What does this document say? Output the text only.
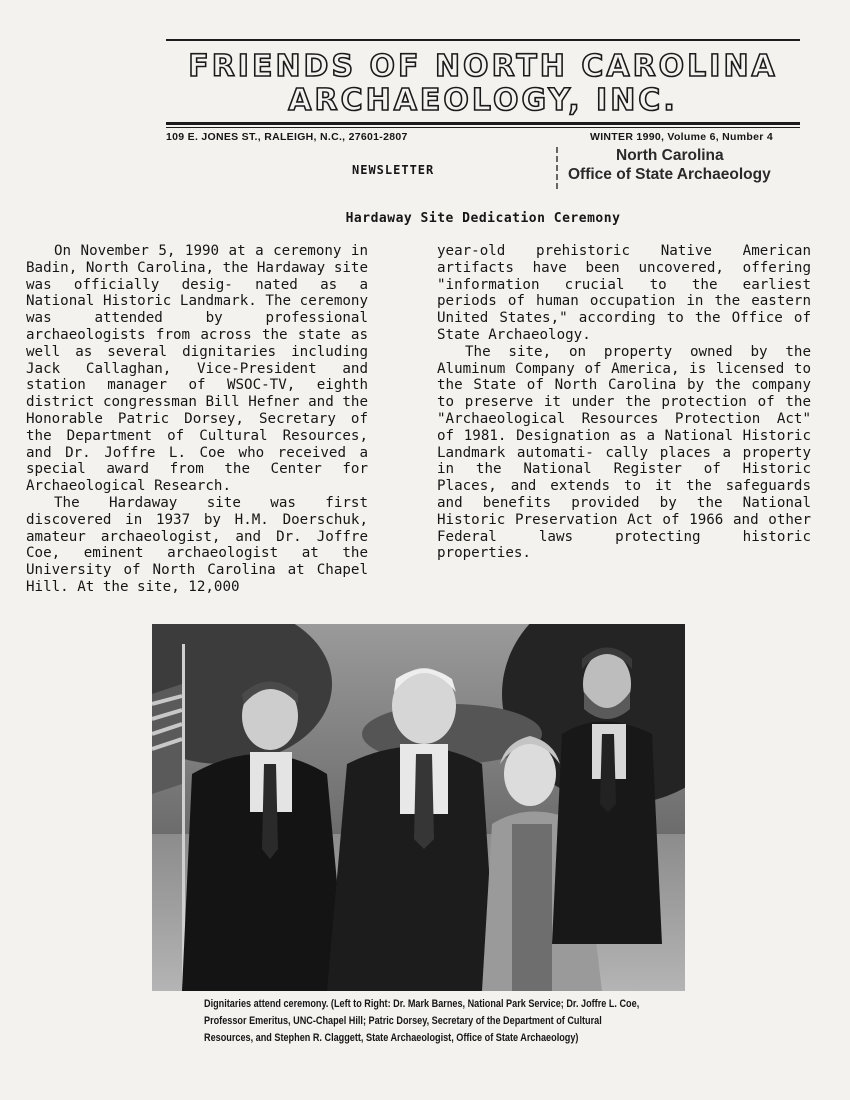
FRIENDS OF NORTH CAROLINA
ARCHAEOLOGY, INC.
109 E. JONES ST., RALEIGH, N.C., 27601-2807	WINTER 1990, Volume 6, Number 4
NEWSLETTER
North Carolina
Office of State Archaeology
Hardaway Site Dedication Ceremony

On November 5, 1990 at a ceremony in Badin, North Carolina, the Hardaway site was officially desig- nated as a National Historic Landmark. The ceremony was attended by professional archaeologists from across the state as well as several dignitaries including Jack Callaghan, Vice-President and station manager of WSOC-TV, eighth district congressman Bill Hefner and the Honorable Patric Dorsey, Secretary of the Department of Cultural Resources, and Dr. Joffre L. Coe who received a special award from the Center for Archaeological Research.

The Hardaway site was first discovered in 1937 by H.M. Doerschuk, amateur archaeologist, and Dr. Joffre Coe, eminent archaeologist at the University of North Carolina at Chapel Hill. At the site, 12,000

year-old prehistoric Native American artifacts have been uncovered, offering "information crucial to the earliest periods of human occupation in the eastern United States," according to the Office of State Archaeology.

The site, on property owned by the Aluminum Company of America, is licensed to the State of North Carolina by the company to preserve it under the protection of the "Archaeological Resources Protection Act" of 1981. Designation as a National Historic Landmark automati- cally places a property in the National Register of Historic Places, and extends to it the safeguards and benefits provided by the National Historic Preservation Act of 1966 and other Federal laws protecting historic properties.

Dignitaries attend ceremony. (Left to Right: Dr. Mark Barnes, National Park Service; Dr. Joffre L. Coe, Professor Emeritus, UNC-Chapel Hill; Patric Dorsey, Secretary of the Department of Cultural Resources, and Stephen R. Claggett, State Archaeologist, Office of State Archaeology)
